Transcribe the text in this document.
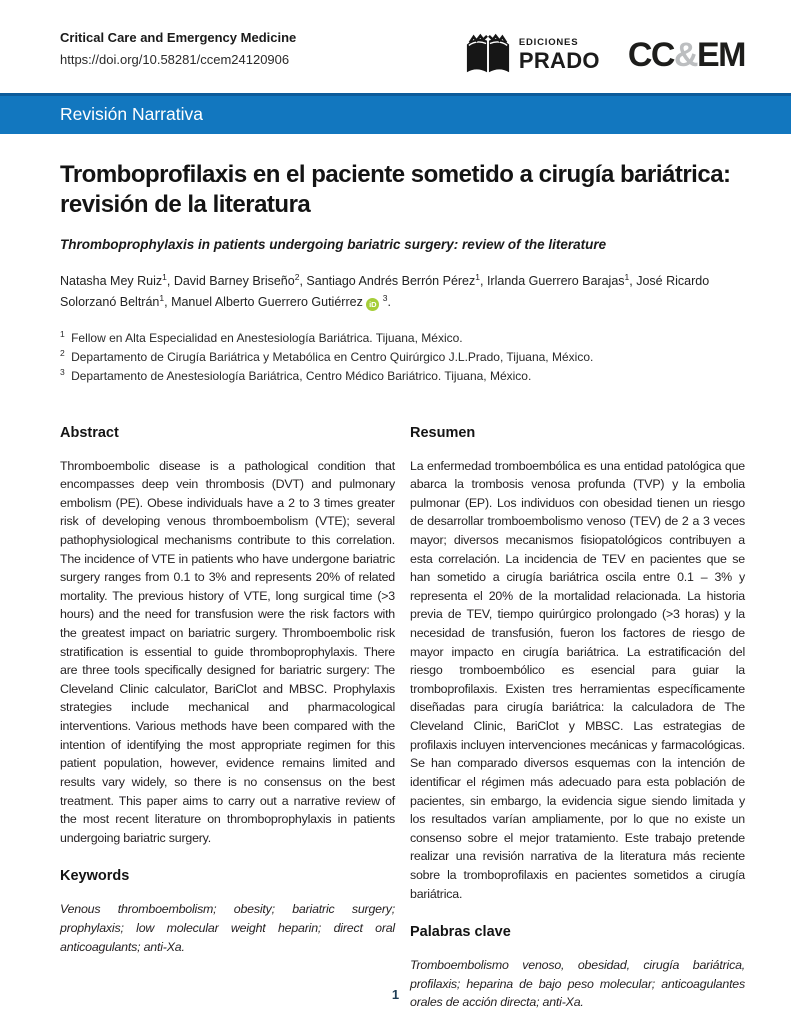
Critical Care and Emergency Medicine
https://doi.org/10.58281/ccem24120906
EDICIONES
PRADO CC&EM
Revisión Narrativa
Tromboprofilaxis en el paciente sometido a cirugía bariátrica: revisión de la literatura
Thromboprophylaxis in patients undergoing bariatric surgery: review of the literature

Natasha Mey Ruiz$^1$, David Barney Briseño$^2$, Santiago Andrés Berrón Pérez$^1$, Irlanda Guerrero Barajas$^1$, José Ricardo Solorzanó Beltrán$^1$, Manuel Alberto Guerrero Gutiérrez iD $^3$.

$^1$ Fellow en Alta Especialidad en Anestesiología Bariátrica. Tijuana, México.
$^2$ Departamento de Cirugía Bariátrica y Metabólica en Centro Quirúrgico J.L.Prado, Tijuana, México.
$^3$ Departamento de Anestesiología Bariátrica, Centro Médico Bariátrico. Tijuana, México.
Abstract

Thromboembolic disease is a pathological condition that encompasses deep vein thrombosis (DVT) and pulmonary embolism (PE). Obese individuals have a 2 to 3 times greater risk of developing venous thromboembolism (VTE); several pathophysiological mechanisms contribute to this correlation. The incidence of VTE in patients who have undergone bariatric surgery ranges from 0.1 to 3% and represents 20% of related mortality. The previous history of VTE, long surgical time (>3 hours) and the need for transfusion were the risk factors with the greatest impact on bariatric surgery. Thromboembolic risk stratification is essential to guide thromboprophylaxis. There are three tools specifically designed for bariatric surgery: The Cleveland Clinic calculator, BariClot and MBSC. Prophylaxis strategies include mechanical and pharmacological interventions. Various methods have been compared with the intention of identifying the most appropriate regimen for this patient population, however, evidence remains limited and results vary widely, so there is no consensus on the best treatment. This paper aims to carry out a narrative review of the most recent literature on thromboprophylaxis in patients undergoing bariatric surgery.

Keywords

Venous thromboembolism; obesity; bariatric surgery; prophylaxis; low molecular weight heparin; direct oral anticoagulants; anti-Xa.

Resumen

La enfermedad tromboembólica es una entidad patológica que abarca la trombosis venosa profunda (TVP) y la embolia pulmonar (EP). Los individuos con obesidad tienen un riesgo de desarrollar tromboembolismo venoso (TEV) de 2 a 3 veces mayor; diversos mecanismos fisiopatológicos contribuyen a esta correlación. La incidencia de TEV en pacientes que se han sometido a cirugía bariátrica oscila entre 0.1 – 3% y representa el 20% de la mortalidad relacionada. La historia previa de TEV, tiempo quirúrgico prolongado (>3 horas) y la necesidad de transfusión, fueron los factores de riesgo de mayor impacto en cirugía bariátrica. La estratificación del riesgo tromboembólico es esencial para guiar la tromboprofilaxis. Existen tres herramientas específicamente diseñadas para cirugía bariátrica: la calculadora de The Cleveland Clinic, BariClot y MBSC. Las estrategias de profilaxis incluyen intervenciones mecánicas y farmacológicas. Se han comparado diversos esquemas con la intención de identificar el régimen más adecuado para esta población de pacientes, sin embargo, la evidencia sigue siendo limitada y los resultados varían ampliamente, por lo que no existe un consenso sobre el mejor tratamiento. Este trabajo pretende realizar una revisión narrativa de la literatura más reciente sobre la tromboprofilaxis en pacientes sometidos a cirugía bariátrica.

Palabras clave

Tromboembolismo venoso, obesidad, cirugía bariátrica, profilaxis; heparina de bajo peso molecular; anticoagulantes orales de acción directa; anti-Xa.

1
